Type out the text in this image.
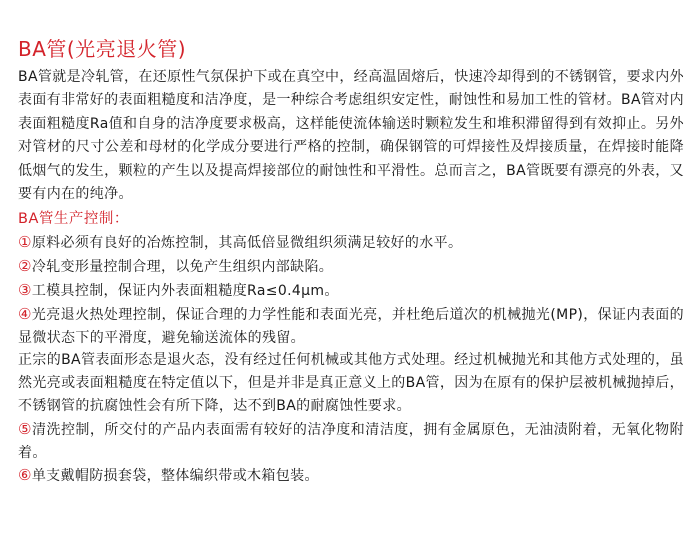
BA管(光亮退火管)

BA管就是冷轧管，在还原性气氛保护下或在真空中，经高温固熔后，快速冷却得到的不锈钢管，要求内外表面有非常好的表面粗糙度和洁净度，是一种综合考虑组织安定性，耐蚀性和易加工性的管材。BA管对内表面粗糙度Ra值和自身的洁净度要求极高，这样能使流体输送时颗粒发生和堆积滞留得到有效抑止。另外对管材的尺寸公差和母材的化学成分要进行严格的控制，确保钢管的可焊接性及焊接质量，在焊接时能降低烟气的发生，颗粒的产生以及提高焊接部位的耐蚀性和平滑性。总而言之，BA管既要有漂亮的外表，又要有内在的纯净。

BA管生产控制：

①原料必须有良好的冶炼控制，其高低倍显微组织须满足较好的水平。

②冷轧变形量控制合理，以免产生组织内部缺陷。

③工模具控制，保证内外表面粗糙度Ra≤0.4μm。

④光亮退火热处理控制，保证合理的力学性能和表面光亮，并杜绝后道次的机械抛光(MP)，保证内表面的显微状态下的平滑度，避免输送流体的残留。

正宗的BA管表面形态是退火态，没有经过任何机械或其他方式处理。经过机械抛光和其他方式处理的，虽然光亮或表面粗糙度在特定值以下，但是并非是真正意义上的BA管，因为在原有的保护层被机械抛掉后，不锈钢管的抗腐蚀性会有所下降，达不到BA的耐腐蚀性要求。

⑤清洗控制，所交付的产品内表面需有较好的洁净度和清洁度，拥有金属原色，无油渍附着，无氧化物附着。

⑥单支戴帽防损套袋，整体编织带或木箱包装。
